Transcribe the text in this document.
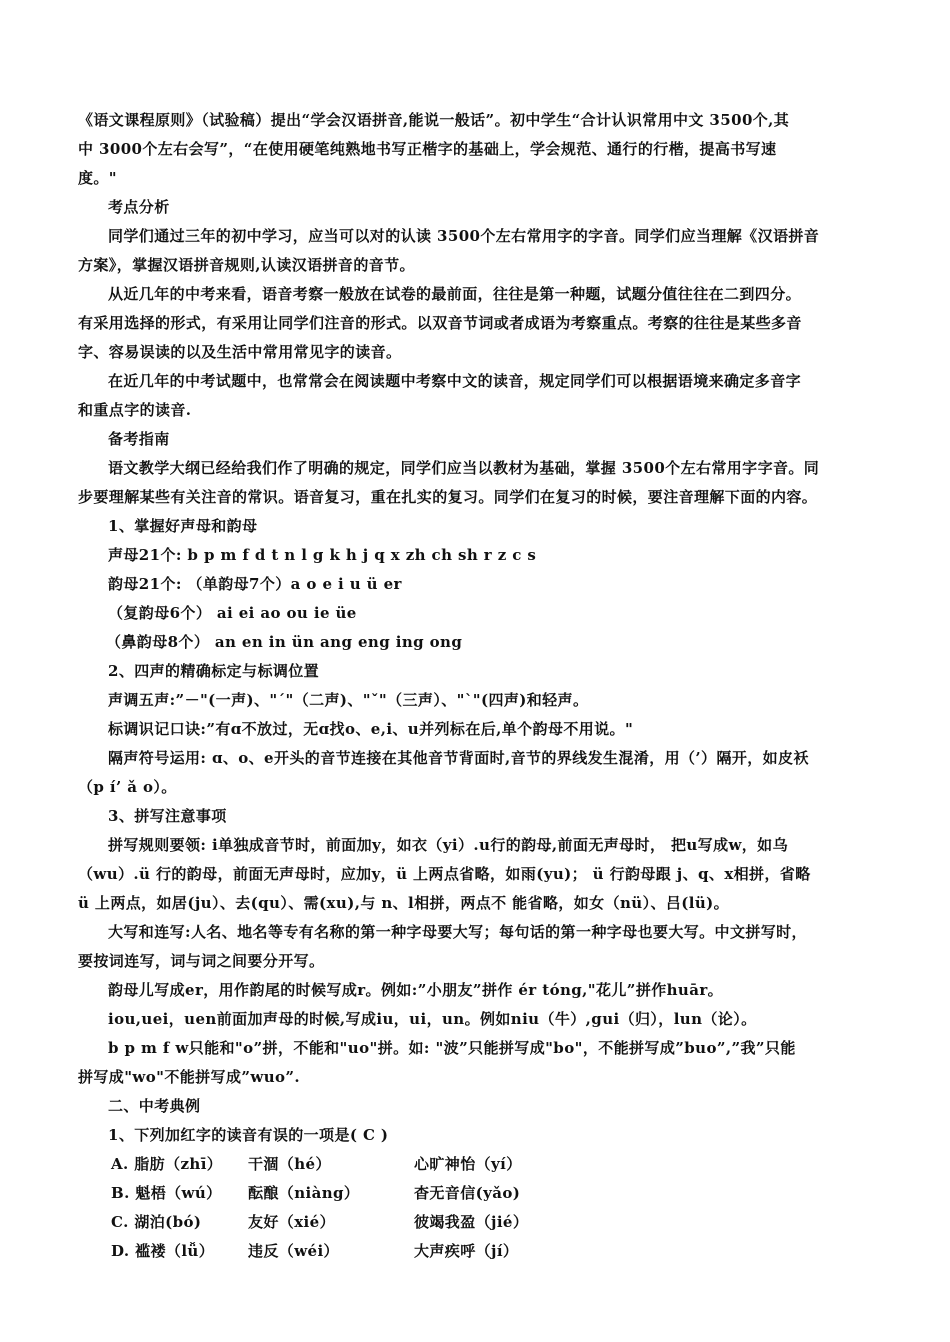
《语文课程原则》（试验稿）提出“学会汉语拼音,能说一般话”。初中学生“合计认识常用中文 3500个,其
中 3000个左右会写”，“在使用硬笔纯熟地书写正楷字的基础上，学会规范、通行的行楷，提高书写速
度。"
考点分析
同学们通过三年的初中学习，应当可以对的认读 3500个左右常用字的字音。同学们应当理解《汉语拼音
方案》，掌握汉语拼音规则,认读汉语拼音的音节。
从近几年的中考来看，语音考察一般放在试卷的最前面，往往是第一种题，试题分值往往在二到四分。
有采用选择的形式，有采用让同学们注音的形式。以双音节词或者成语为考察重点。考察的往往是某些多音
字、容易误读的以及生活中常用常见字的读音。
在近几年的中考试题中，也常常会在阅读题中考察中文的读音，规定同学们可以根据语境来确定多音字
和重点字的读音.
备考指南
语文教学大纲已经给我们作了明确的规定，同学们应当以教材为基础，掌握 3500个左右常用字字音。同
步要理解某些有关注音的常识。语音复习，重在扎实的复习。同学们在复习的时候，要注音理解下面的内容。
1、掌握好声母和韵母
声母21个: b p m f d t n l g k h j q x zh ch sh r z c s
韵母21个: （单韵母7个）a o e i u ü er
（复韵母6个） ai ei ao ou ie üe
（鼻韵母8个） an en in ün ang eng ing ong
2、四声的精确标定与标调位置
声调五声:”－"(一声)、"ˊ"（二声)、"ˇ"（三声）、"ˋ"(四声)和轻声。
标调识记口诀:”有ɑ不放过，无ɑ找o、e,i、u并列标在后,单个韵母不用说。"
隔声符号运用: ɑ、o、e开头的音节连接在其他音节背面时,音节的界线发生混淆，用（’）隔开，如皮袄
（p í’ ǎ o）。
3、拼写注意事项
拼写规则要领: i单独成音节时，前面加y，如衣（yi）.u行的韵母,前面无声母时， 把u写成w，如乌
（wu）.ü 行的韵母，前面无声母时，应加y，ü 上两点省略，如雨(yu)； ü 行韵母跟 j、q、x相拼，省略
ü 上两点，如居(ju）、去(qu）、需(xu),与 n、l相拼，两点不 能省略，如女（nü）、吕(lü)。
大写和连写:人名、地名等专有名称的第一种字母要大写；每句话的第一种字母也要大写。中文拼写时，
要按词连写，词与词之间要分开写。
韵母儿写成er，用作韵尾的时候写成r。例如:”小朋友”拼作 ér tóng,"花儿”拼作huār。
iou,uei，uen前面加声母的时候,写成iu，ui，un。例如niu（牛）,gui（归），lun（论）。
b p m f w只能和"o”拼，不能和"uo"拼。如: "波”只能拼写成"bo"，不能拼写成”buo”,”我”只能
拼写成"wo"不能拼写成”wuo”.
二、中考典例
1、下列加红字的读音有误的一项是( C )
A. 脂肪（zhī）	干涸（hé）	心旷神怡（yí）
B. 魁梧（wú）	酝酿（niàng）	杳无音信(yǎo)
C. 湖泊(bó)	友好（xié）	彼竭我盈（jié）
D. 褴褛（lǚ）	违反（wéi）	大声疾呼（jí）
